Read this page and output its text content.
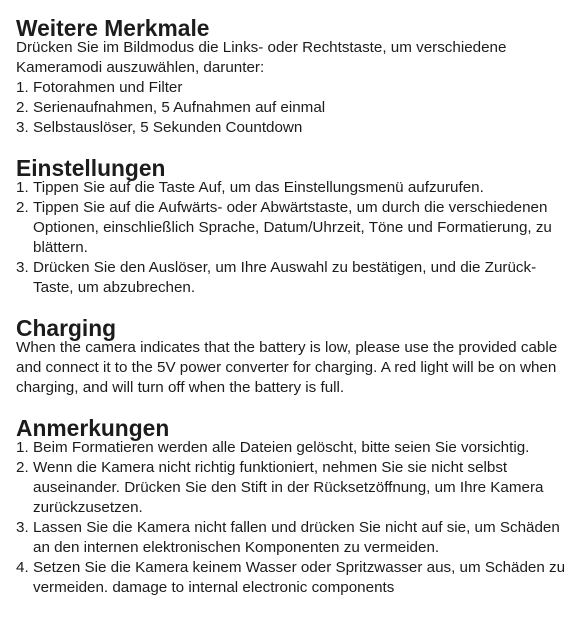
Weitere Merkmale

Drücken Sie im Bildmodus die Links- oder Rechtstaste, um verschiedene Kameramodi auszuwählen, darunter:

1. Fotorahmen und Filter
2. Serienaufnahmen, 5 Aufnahmen auf einmal
3. Selbstauslöser, 5 Sekunden Countdown
Einstellungen
1. Tippen Sie auf die Taste Auf, um das Einstellungsmenü aufzurufen.
2. Tippen Sie auf die Aufwärts- oder Abwärtstaste, um durch die verschiedenen Optionen, einschließlich Sprache, Datum/Uhrzeit, Töne und Formatierung, zu blättern.
3. Drücken Sie den Auslöser, um Ihre Auswahl zu bestätigen, und die Zurück-Taste, um abzubrechen.
Charging

When the camera indicates that the battery is low, please use the provided cable and connect it to the 5V power converter for charging. A red light will be on when charging, and will turn off when the battery is full.

Anmerkungen
1. Beim Formatieren werden alle Dateien gelöscht, bitte seien Sie vorsichtig.
2. Wenn die Kamera nicht richtig funktioniert, nehmen Sie sie nicht selbst auseinander. Drücken Sie den Stift in der Rücksetzöffnung, um Ihre Kamera zurückzusetzen.
3. Lassen Sie die Kamera nicht fallen und drücken Sie nicht auf sie, um Schäden an den internen elektronischen Komponenten zu vermeiden.
4. Setzen Sie die Kamera keinem Wasser oder Spritzwasser aus, um Schäden zu vermeiden. damage to internal electronic components
